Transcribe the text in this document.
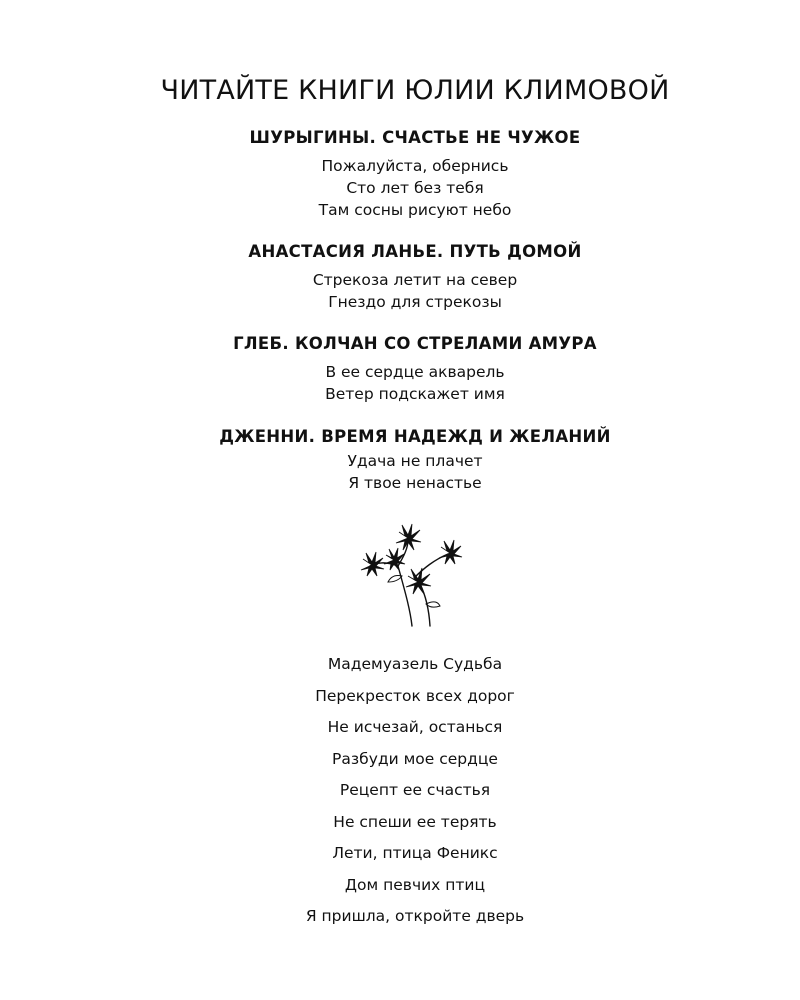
ЧИТАЙТЕ КНИГИ ЮЛИИ КЛИМОВОЙ

ШУРЫГИНЫ. СЧАСТЬЕ НЕ ЧУЖОЕ

Пожалуйста, обернись

Сто лет без тебя

Там сосны рисуют небо

АНАСТАСИЯ ЛАНЬЕ. ПУТЬ ДОМОЙ

Стрекоза летит на север

Гнездо для стрекозы

ГЛЕБ. КОЛЧАН СО СТРЕЛАМИ АМУРА

В ее сердце акварель

Ветер подскажет имя

ДЖЕННИ. ВРЕМЯ НАДЕЖД И ЖЕЛАНИЙ

Удача не плачет

Я твое ненастье

Мадемуазель Судьба

Перекресток всех дорог

Не исчезай, останься

Разбуди мое сердце

Рецепт ее счастья

Не спеши ее терять

Лети, птица Феникс

Дом певчих птиц

Я пришла, откройте дверь
